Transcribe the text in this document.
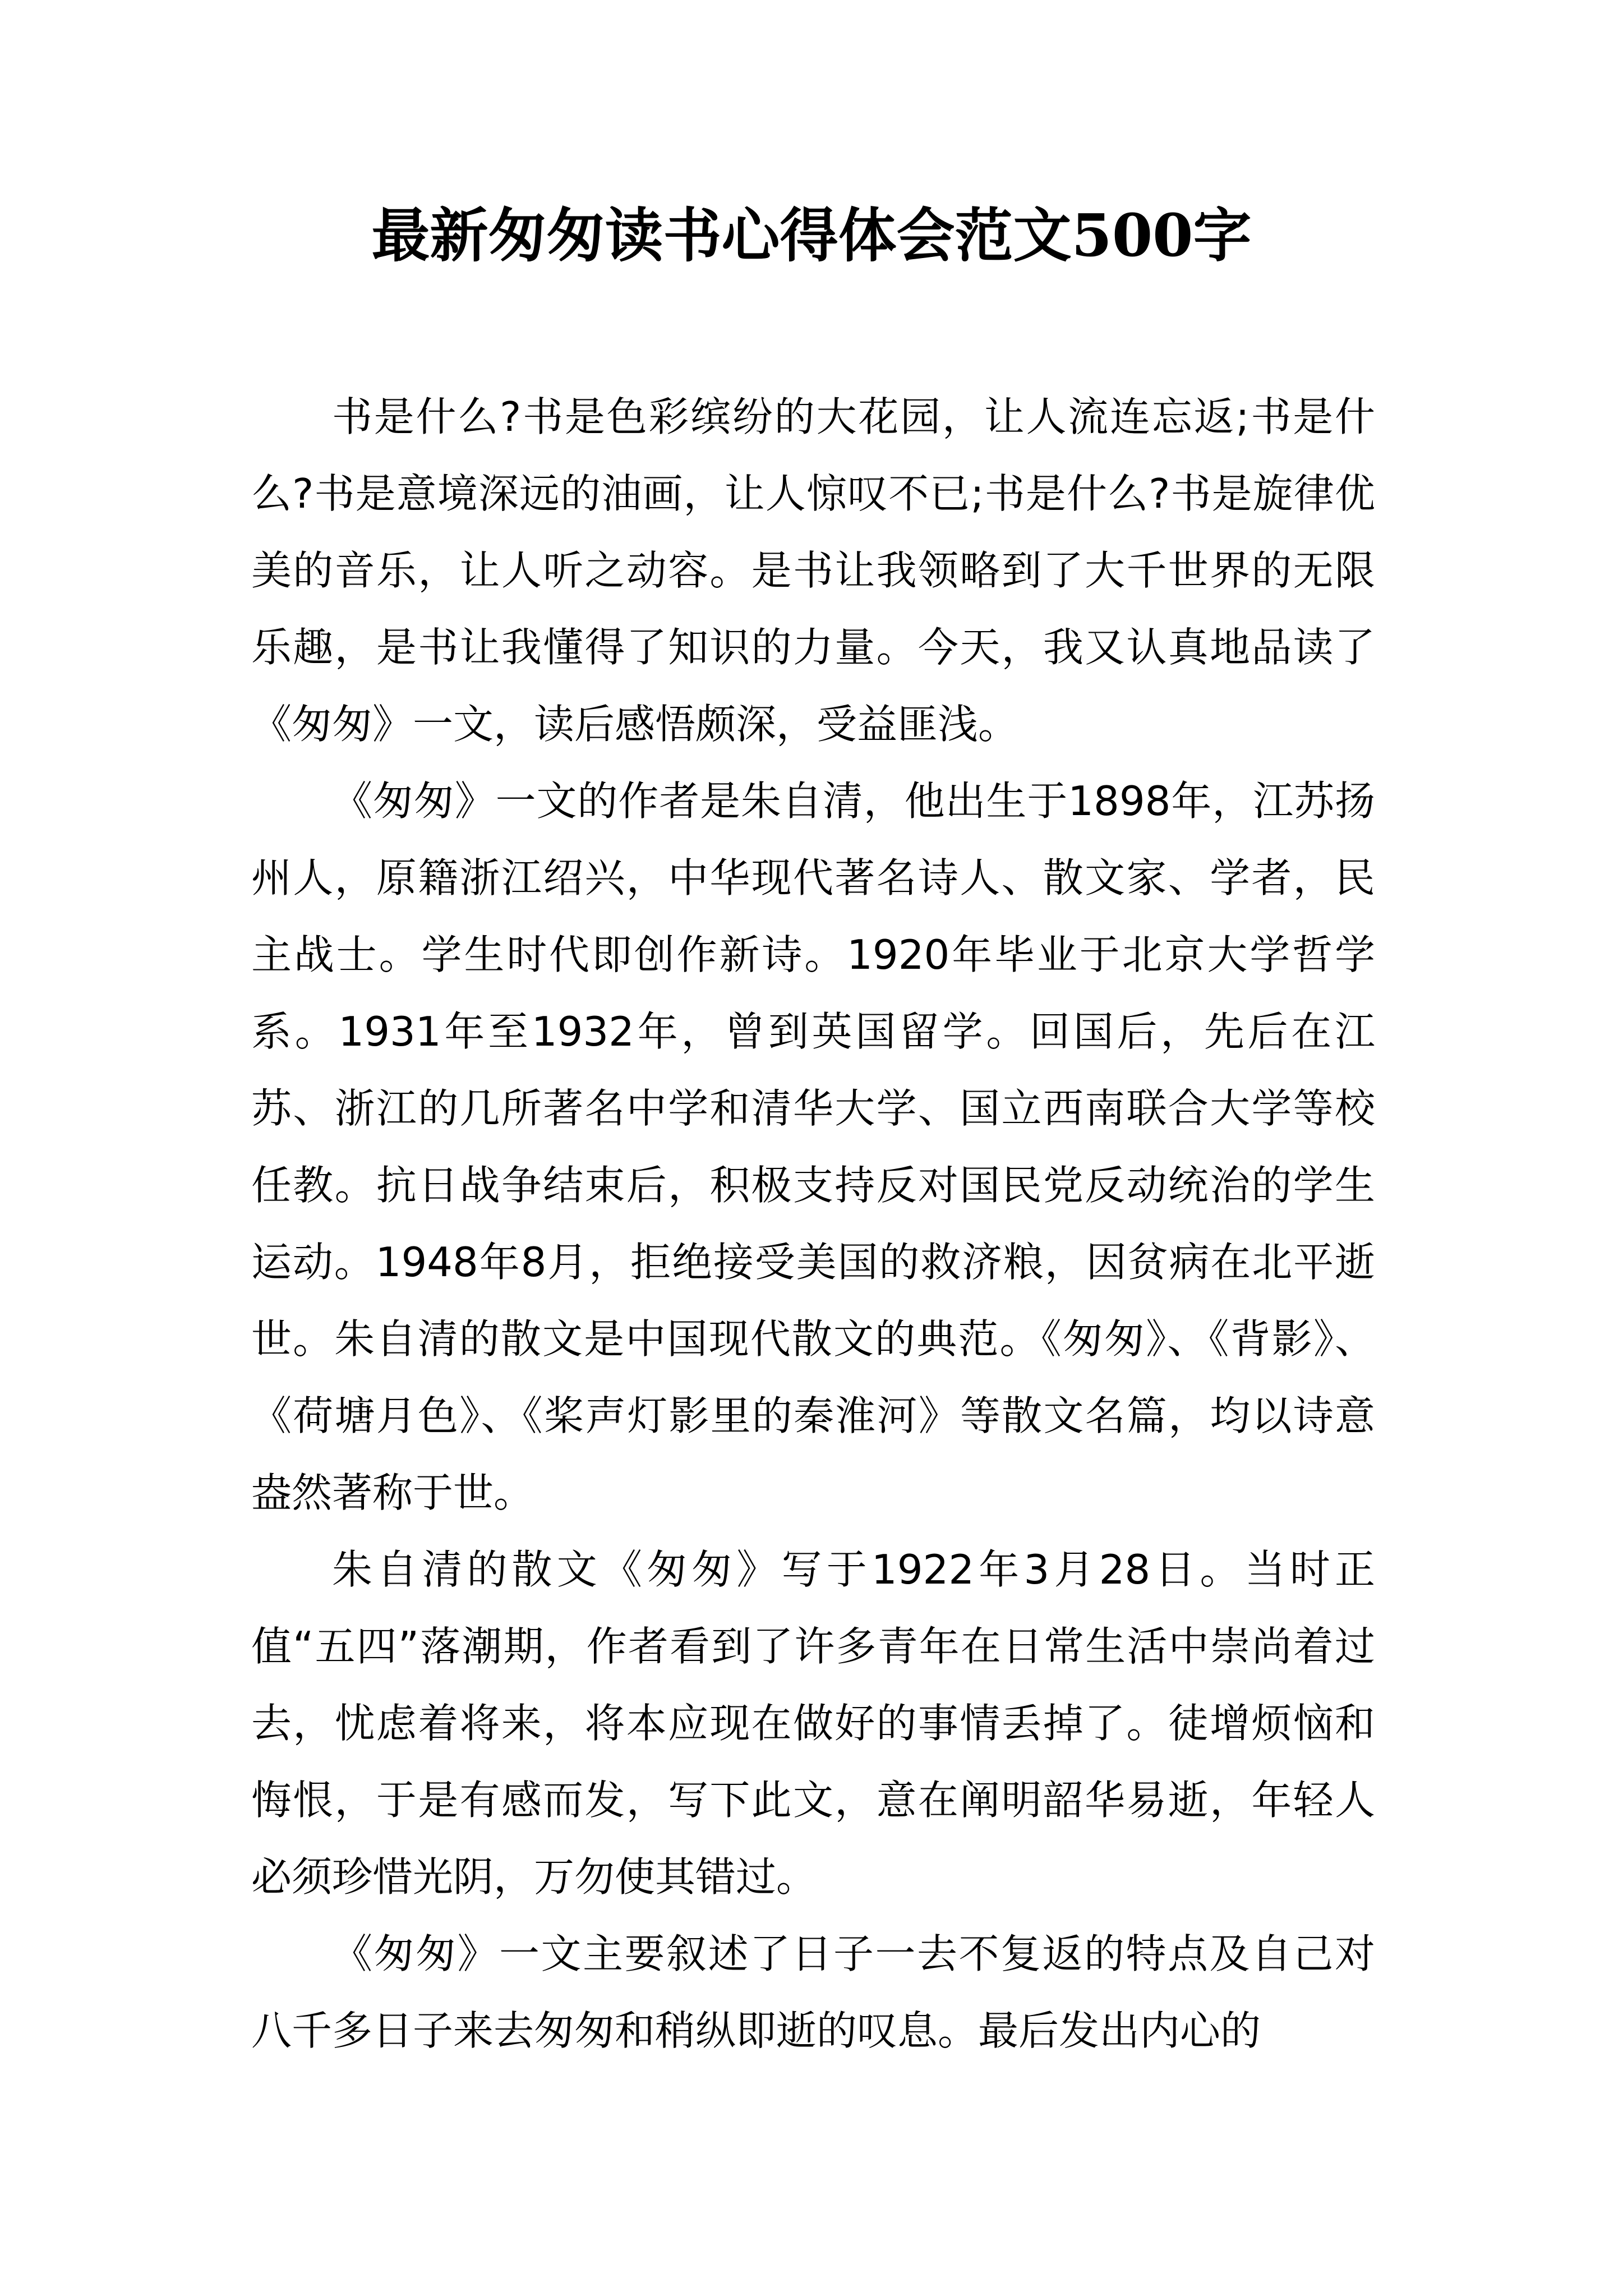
最新匆匆读书心得体会范文500字

书是什么?书是色彩缤纷的大花园，让人流连忘返;书是什么?书是意境深远的油画，让人惊叹不已;书是什么?书是旋律优美的音乐，让人听之动容。是书让我领略到了大千世界的无限乐趣，是书让我懂得了知识的力量。今天，我又认真地品读了《匆匆》一文，读后感悟颇深，受益匪浅。

《匆匆》一文的作者是朱自清，他出生于1898年，江苏扬州人，原籍浙江绍兴，中华现代著名诗人、散文家、学者，民主战士。学生时代即创作新诗。1920年毕业于北京大学哲学系。1931年至1932年，曾到英国留学。回国后，先后在江苏、浙江的几所著名中学和清华大学、国立西南联合大学等校任教。抗日战争结束后，积极支持反对国民党反动统治的学生运动。1948年8月，拒绝接受美国的救济粮，因贫病在北平逝世。朱自清的散文是中国现代散文的典范。《匆匆》、《背影》、《荷塘月色》、《桨声灯影里的秦淮河》等散文名篇，均以诗意盎然著称于世。

朱自清的散文《匆匆》写于1922年3月28日。当时正值“五四”落潮期，作者看到了许多青年在日常生活中崇尚着过去，忧虑着将来，将本应现在做好的事情丢掉了。徒增烦恼和悔恨，于是有感而发，写下此文，意在阐明韶华易逝，年轻人必须珍惜光阴，万勿使其错过。

《匆匆》一文主要叙述了日子一去不复返的特点及自己对八千多日子来去匆匆和稍纵即逝的叹息。最后发出内心的
